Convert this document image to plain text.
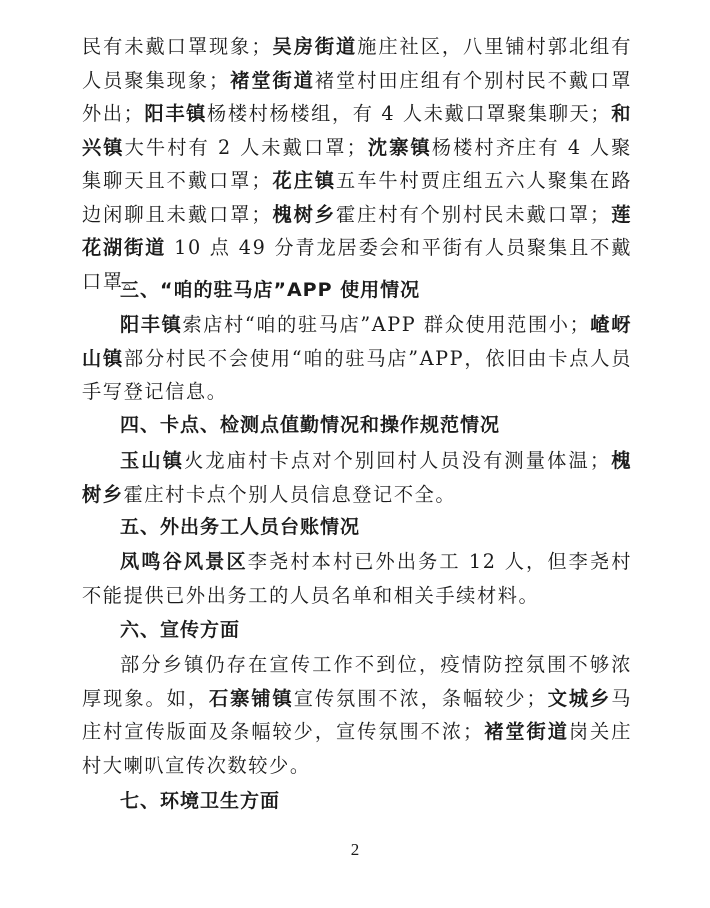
民有未戴口罩现象；吴房街道施庄社区，八里铺村郭北组有人员聚集现象；褚堂街道褚堂村田庄组有个别村民不戴口罩外出；阳丰镇杨楼村杨楼组，有 4 人未戴口罩聚集聊天；和兴镇大牛村有 2 人未戴口罩；沈寨镇杨楼村齐庄有 4 人聚集聊天且不戴口罩；花庄镇五车牛村贾庄组五六人聚集在路边闲聊且未戴口罩；槐树乡霍庄村有个别村民未戴口罩；莲花湖街道 10 点 49 分青龙居委会和平街有人员聚集且不戴口罩。

三、“咱的驻马店”APP 使用情况

阳丰镇索店村“咱的驻马店”APP 群众使用范围小；嵖岈山镇部分村民不会使用“咱的驻马店”APP，依旧由卡点人员手写登记信息。

四、卡点、检测点值勤情况和操作规范情况

玉山镇火龙庙村卡点对个别回村人员没有测量体温；槐树乡霍庄村卡点个别人员信息登记不全。

五、外出务工人员台账情况

凤鸣谷风景区李尧村本村已外出务工 12 人，但李尧村不能提供已外出务工的人员名单和相关手续材料。

六、宣传方面

部分乡镇仍存在宣传工作不到位，疫情防控氛围不够浓厚现象。如，石寨铺镇宣传氛围不浓，条幅较少；文城乡马庄村宣传版面及条幅较少，宣传氛围不浓；褚堂街道岗关庄村大喇叭宣传次数较少。

七、环境卫生方面
2
